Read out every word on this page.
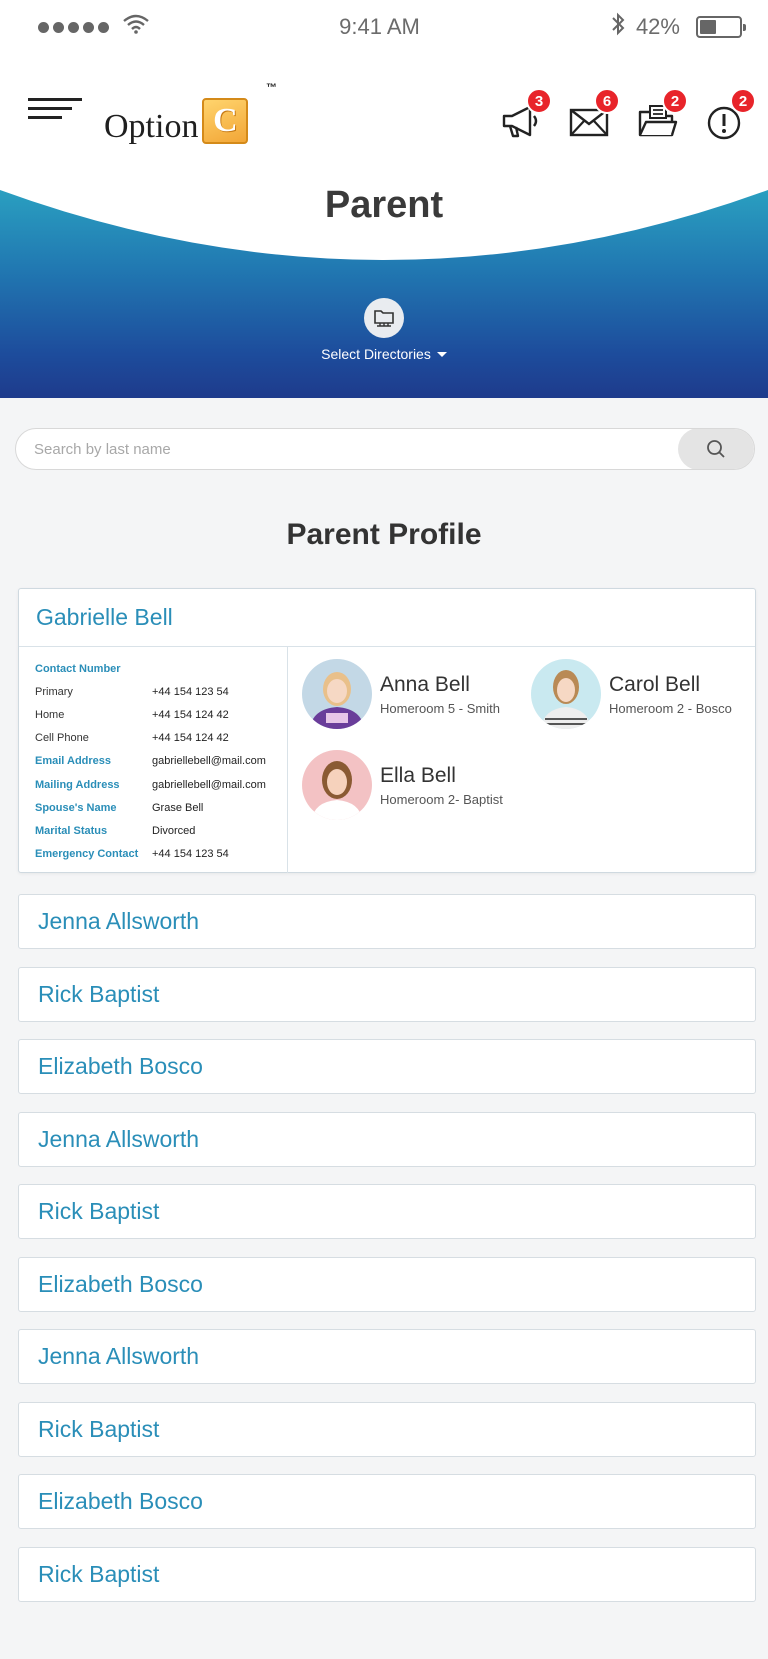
9:41 AM	42%
Option C
™
3	6	2	2
Parent
Select Directories
Search by last name
Parent Profile
Gabrielle Bell
Contact Number
Primary	+44 154 123 54
Home	+44 154 124 42
Cell Phone	+44 154 124 42
Email Address	gabriellebell@mail.com
Mailing Address	gabriellebell@mail.com
Spouse's Name	Grase Bell
Marital Status	Divorced
Emergency Contact	+44 154 123 54
Anna Bell
Homeroom 5 - Smith
Carol Bell
Homeroom 2 - Bosco
Ella Bell
Homeroom 2- Baptist
Jenna Allsworth
Rick Baptist
Elizabeth Bosco
Jenna Allsworth
Rick Baptist
Elizabeth Bosco
Jenna Allsworth
Rick Baptist
Elizabeth Bosco
Rick Baptist
